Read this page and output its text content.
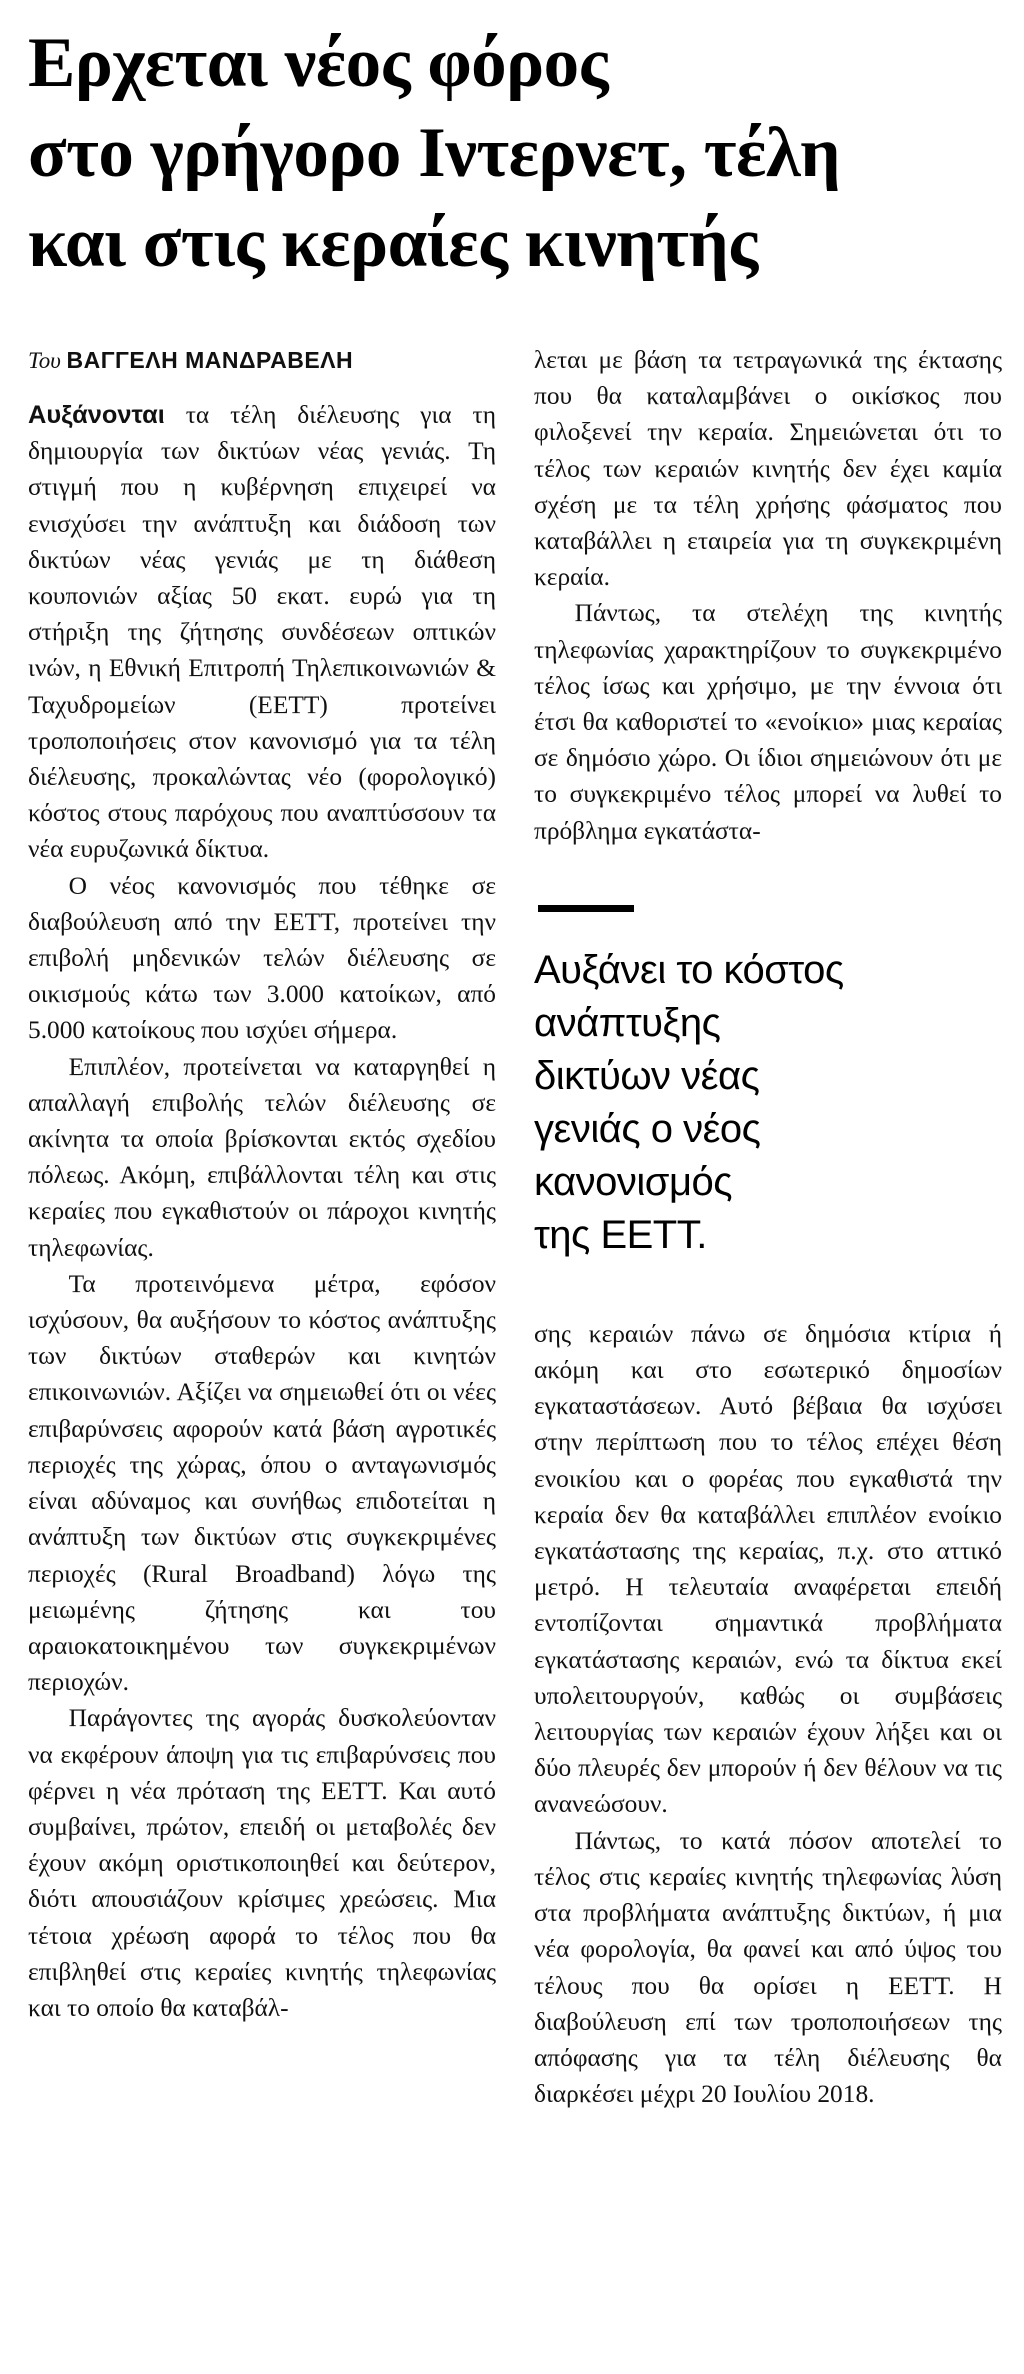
Ερχεται νέος φόρος
στο γρήγορο Ιντερνετ, τέλη
και στις κεραίες κινητής
Του ΒΑΓΓΕΛΗ ΜΑΝΔΡΑΒΕΛΗ

Αυξάνονται τα τέλη διέλευσης για τη δημιουργία των δικτύων νέας γενιάς. Τη στιγμή που η κυβέρνηση επιχειρεί να ενισχύσει την ανάπτυξη και διάδοση των δικτύων νέας γενιάς με τη διάθεση κουπονιών αξίας 50 εκατ. ευρώ για τη στήριξη της ζήτησης συνδέσεων οπτικών ινών, η Εθνική Επιτροπή Τηλεπικοινωνιών & Ταχυδρομείων (ΕΕΤΤ) προτείνει τροποποιήσεις στον κανονισμό για τα τέλη διέλευσης, προκαλώντας νέο (φορολογικό) κόστος στους παρόχους που αναπτύσσουν τα νέα ευρυζωνικά δίκτυα.

Ο νέος κανονισμός που τέθηκε σε διαβούλευση από την ΕΕΤΤ, προτείνει την επιβολή μηδενικών τελών διέλευσης σε οικισμούς κάτω των 3.000 κατοίκων, από 5.000 κατοίκους που ισχύει σήμερα.

Επιπλέον, προτείνεται να καταργηθεί η απαλλαγή επιβολής τελών διέλευσης σε ακίνητα τα οποία βρίσκονται εκτός σχεδίου πόλεως. Ακόμη, επιβάλλονται τέλη και στις κεραίες που εγκαθιστούν οι πάροχοι κινητής τηλεφωνίας.

Τα προτεινόμενα μέτρα, εφόσον ισχύσουν, θα αυξήσουν το κόστος ανάπτυξης των δικτύων σταθερών και κινητών επικοινωνιών. Αξίζει να σημειωθεί ότι οι νέες επιβαρύνσεις αφορούν κατά βάση αγροτικές περιοχές της χώρας, όπου ο ανταγωνισμός είναι αδύναμος και συνήθως επιδοτείται η ανάπτυξη των δικτύων στις συγκεκριμένες περιοχές (Rural Broadband) λόγω της μειωμένης ζήτησης και του αραιοκατοικημένου των συγκεκριμένων περιοχών.

Παράγοντες της αγοράς δυσκολεύονταν να εκφέρουν άποψη για τις επιβαρύνσεις που φέρνει η νέα πρόταση της ΕΕΤΤ. Και αυτό συμβαίνει, πρώτον, επειδή οι μεταβολές δεν έχουν ακόμη οριστικοποιηθεί και δεύτερον, διότι απουσιάζουν κρίσιμες χρεώσεις. Μια τέτοια χρέωση αφορά το τέλος που θα επιβληθεί στις κεραίες κινητής τηλεφωνίας και το οποίο θα καταβάλ-

λεται με βάση τα τετραγωνικά της έκτασης που θα καταλαμβάνει ο οικίσκος που φιλοξενεί την κεραία. Σημειώνεται ότι το τέλος των κεραιών κινητής δεν έχει καμία σχέση με τα τέλη χρήσης φάσματος που καταβάλλει η εταιρεία για τη συγκεκριμένη κεραία.

Πάντως, τα στελέχη της κινητής τηλεφωνίας χαρακτηρίζουν το συγκεκριμένο τέλος ίσως και χρήσιμο, με την έννοια ότι έτσι θα καθοριστεί το «ενοίκιο» μιας κεραίας σε δημόσιο χώρο. Οι ίδιοι σημειώνουν ότι με το συγκεκριμένο τέλος μπορεί να λυθεί το πρόβλημα εγκατάστα-

Αυξάνει το κόστος
ανάπτυξης
δικτύων νέας
γενιάς ο νέος
κανονισμός
της ΕΕΤΤ.

σης κεραιών πάνω σε δημόσια κτίρια ή ακόμη και στο εσωτερικό δημοσίων εγκαταστάσεων. Αυτό βέβαια θα ισχύσει στην περίπτωση που το τέλος επέχει θέση ενοικίου και ο φορέας που εγκαθιστά την κεραία δεν θα καταβάλλει επιπλέον ενοίκιο εγκατάστασης της κεραίας, π.χ. στο αττικό μετρό. Η τελευταία αναφέρεται επειδή εντοπίζονται σημαντικά προβλήματα εγκατάστασης κεραιών, ενώ τα δίκτυα εκεί υπολειτουργούν, καθώς οι συμβάσεις λειτουργίας των κεραιών έχουν λήξει και οι δύο πλευρές δεν μπορούν ή δεν θέλουν να τις ανανεώσουν.

Πάντως, το κατά πόσον αποτελεί το τέλος στις κεραίες κινητής τηλεφωνίας λύση στα προβλήματα ανάπτυξης δικτύων, ή μια νέα φορολογία, θα φανεί και από ύψος του τέλους που θα ορίσει η ΕΕΤΤ. Η διαβούλευση επί των τροποποιήσεων της απόφασης για τα τέλη διέλευσης θα διαρκέσει μέχρι 20 Ιουλίου 2018.
